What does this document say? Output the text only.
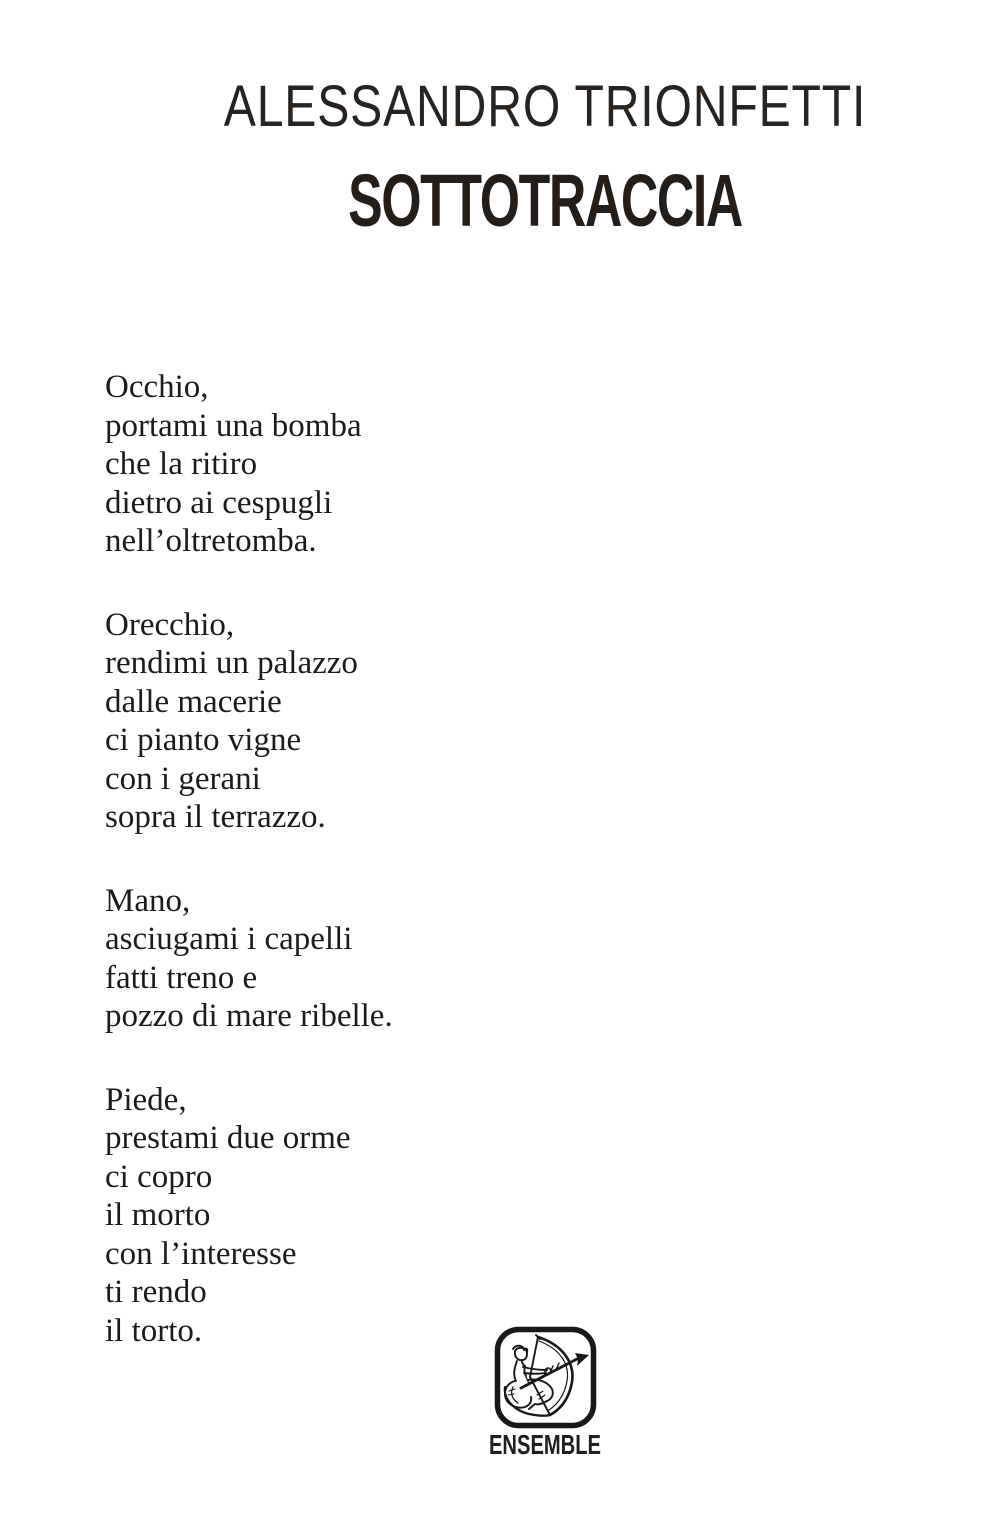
ALESSANDRO TRIONFETTI
SOTTOTRACCIA

Occhio,
portami una bomba
che la ritiro
dietro ai cespugli
nell’oltretomba.

Orecchio,
rendimi un palazzo
dalle macerie
ci pianto vigne
con i gerani
sopra il terrazzo.

Mano,
asciugami i capelli
fatti treno e
pozzo di mare ribelle.

Piede,
prestami due orme
ci copro
il morto
con l’interesse
ti rendo
il torto.

ENSEMBLE
